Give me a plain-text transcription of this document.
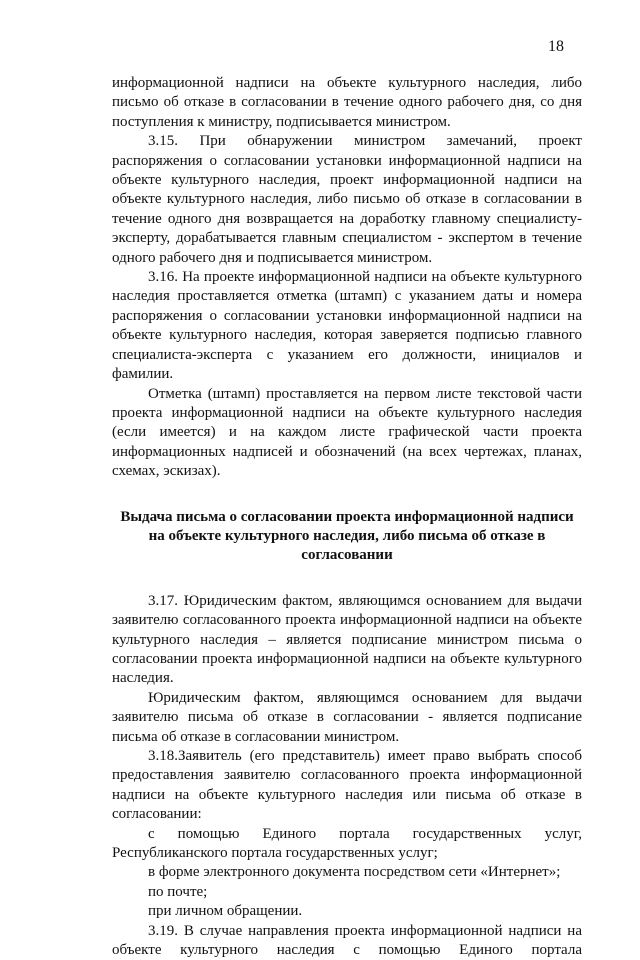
18

информационной надписи на объекте культурного наследия, либо письмо об отказе в согласовании в течение одного рабочего дня, со дня поступления к министру, подписывается министром.

3.15. При обнаружении министром замечаний, проект распоряжения о согласовании установки информационной надписи на объекте культурного наследия, проект информационной надписи на объекте культурного наследия, либо письмо об отказе в согласовании в течение одного дня возвращается на доработку главному специалисту-эксперту, дорабатывается главным специалистом - экспертом в течение одного рабочего дня и подписывается министром.

3.16. На проекте информационной надписи на объекте культурного наследия проставляется отметка (штамп) с указанием даты и номера распоряжения о согласовании установки информационной надписи на объекте культурного наследия, которая заверяется подписью главного специалиста-эксперта с указанием его должности, инициалов и фамилии.

Отметка (штамп) проставляется на первом листе текстовой части проекта информационной надписи на объекте культурного наследия (если имеется) и на каждом листе графической части проекта информационных надписей и обозначений (на всех чертежах, планах, схемах, эскизах).

Выдача письма о согласовании проекта информационной надписи на объекте культурного наследия, либо письма об отказе в согласовании

3.17. Юридическим фактом, являющимся основанием для выдачи заявителю согласованного проекта информационной надписи на объекте культурного наследия – является подписание министром письма о согласовании проекта информационной надписи на объекте культурного наследия.

Юридическим фактом, являющимся основанием для выдачи заявителю письма об отказе в согласовании - является подписание письма об отказе в согласовании министром.

3.18.Заявитель (его представитель) имеет право выбрать способ предоставления заявителю согласованного проекта информационной надписи на объекте культурного наследия или письма об отказе в согласовании:

с помощью Единого портала государственных услуг,

Республиканского портала государственных услуг;

в форме электронного документа посредством сети «Интернет»;

по почте;

при личном обращении.

3.19. В случае направления проекта информационной надписи на объекте культурного наследия с помощью Единого портала
